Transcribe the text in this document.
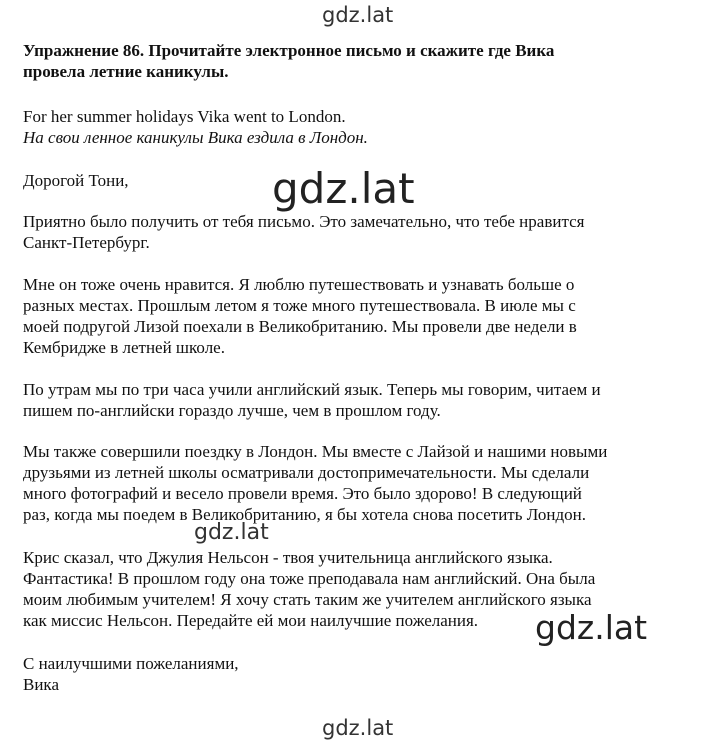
Упражнение 86. Прочитайте электронное письмо и скажите где Вика
провела летние каникулы.
For her summer holidays Vika went to London.
На свои ленное каникулы Вика ездила в Лондон.
Дорогой Тони,
Приятно было получить от тебя письмо. Это замечательно, что тебе нравится
Санкт-Петербург.
Мне он тоже очень нравится. Я люблю путешествовать и узнавать больше о
разных местах. Прошлым летом я тоже много путешествовала. В июле мы с
моей подругой Лизой поехали в Великобританию. Мы провели две недели в
Кембридже в летней школе.
По утрам мы по три часа учили английский язык. Теперь мы говорим, читаем и
пишем по-английски гораздо лучше, чем в прошлом году.
Мы также совершили поездку в Лондон. Мы вместе с Лайзой и нашими новыми
друзьями из летней школы осматривали достопримечательности. Мы сделали
много фотографий и весело провели время. Это было здорово! В следующий
раз, когда мы поедем в Великобританию, я бы хотела снова посетить Лондон.
Крис сказал, что Джулия Нельсон - твоя учительница английского языка.
Фантастика! В прошлом году она тоже преподавала нам английский. Она была
моим любимым учителем! Я хочу стать таким же учителем английского языка
как миссис Нельсон. Передайте ей мои наилучшие пожелания.
С наилучшими пожеланиями,
Вика
gdz.lat
gdz.lat
gdz.lat
gdz.lat
gdz.lat
